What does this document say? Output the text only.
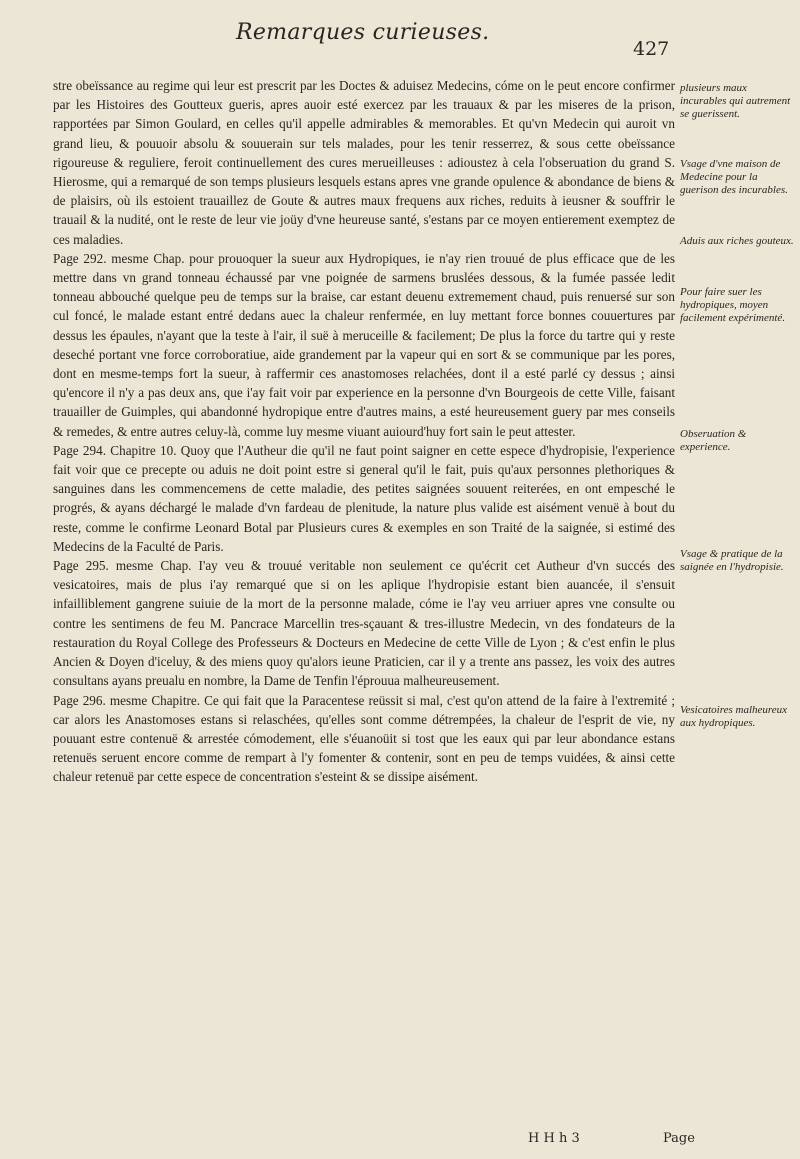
Remarques curieuses.
427

stre obeïssance au regime qui leur est prescrit par les Doctes & aduisez Medecins, cóme on le peut encore confirmer par les Histoires des Goutteux gueris, apres auoir esté exercez par les trauaux & par les miseres de la prison, rapportées par Simon Goulard, en celles qu'il appelle admirables & memorables. Et qu'vn Medecin qui auroit vn grand lieu, & pouuoir absolu & souuerain sur tels malades, pour les tenir resserrez, & sous cette obeïssance rigoureuse & reguliere, feroit continuellement des cures merueilleuses : adioustez à cela l'obseruation du grand S. Hierosme, qui a remarqué de son temps plusieurs lesquels estans apres vne grande opulence & abondance de biens & de plaisirs, où ils estoient trauaillez de Goute & autres maux frequens aux riches, reduits à ieusner & souffrir le trauail & la nudité, ont le reste de leur vie joüy d'vne heureuse santé, s'estans par ce moyen entierement exemptez de ces maladies.

Page 292. mesme Chap. pour prouoquer la sueur aux Hydropiques, ie n'ay rien trouué de plus efficace que de les mettre dans vn grand tonneau échaussé par vne poignée de sarmens bruslées dessous, & la fumée passée ledit tonneau abbouché quelque peu de temps sur la braise, car estant deuenu extremement chaud, puis renuersé sur son cul foncé, le malade estant entré dedans auec la chaleur renfermée, en luy mettant force bonnes couuertures par dessus les épaules, n'ayant que la teste à l'air, il suë à meruceille & facilement; De plus la force du tartre qui y reste deseché portant vne force corroboratiue, aide grandement par la vapeur qui en sort & se communique par les pores, dont en mesme-temps fort la sueur, à raffermir ces anastomoses relachées, dont il a esté parlé cy dessus ; ainsi qu'encore il n'y a pas deux ans, que i'ay fait voir par experience en la personne d'vn Bourgeois de cette Ville, faisant trauailler de Guimples, qui abandonné hydropique entre d'autres mains, a esté heureusement guery par mes conseils & remedes, & entre autres celuy-là, comme luy mesme viuant auiourd'huy fort sain le peut attester.

Page 294. Chapitre 10. Quoy que l'Autheur die qu'il ne faut point saigner en cette espece d'hydropisie, l'experience fait voir que ce precepte ou aduis ne doit point estre si general qu'il le fait, puis qu'aux personnes plethoriques & sanguines dans les commencemens de cette maladie, des petites saignées souuent reiterées, en ont empesché le progrés, & ayans déchargé le malade d'vn fardeau de plenitude, la nature plus valide est aisément venuë à bout du reste, comme le confirme Leonard Botal par Plusieurs cures & exemples en son Traité de la saignée, si estimé des Medecins de la Faculté de Paris.

Page 295. mesme Chap. I'ay veu & trouué veritable non seulement ce qu'écrit cet Autheur d'vn succés des vesicatoires, mais de plus i'ay remarqué que si on les aplique l'hydropisie estant bien auancée, il s'ensuit infailliblement gangrene suiuie de la mort de la personne malade, cóme ie l'ay veu arriuer apres vne consulte ou contre les sentimens de feu M. Pancrace Marcellin tres-sçauant & tres-illustre Medecin, vn des fondateurs de la restauration du Royal College des Professeurs & Docteurs en Medecine de cette Ville de Lyon ; & c'est enfin le plus Ancien & Doyen d'iceluy, & des miens quoy qu'alors ieune Praticien, car il y a trente ans passez, les voix des autres consultans ayans preualu en nombre, la Dame de Tenfin l'éprouua malheureusement.

Page 296. mesme Chapitre. Ce qui fait que la Paracentese reüssit si mal, c'est qu'on attend de la faire à l'extremité ; car alors les Anastomoses estans si relaschées, qu'elles sont comme détrempées, la chaleur de l'esprit de vie, ny pouuant estre contenuë & arrestée cómodement, elle s'éuanoüit si tost que les eaux qui par leur abondance estans retenuës seruent encore comme de rempart à l'y fomenter & contenir, sont en peu de temps vuidées, & ainsi cette chaleur retenuë par cette espece de concentration s'esteint & se dissipe aisément.

plusieurs maux incurables qui autrement se guerissent.
Vsage d'vne maison de Medecine pour la guerison des incurables.
Aduis aux riches gouteux.
Pour faire suer les hydropiques, moyen facilement expérimenté.
Obseruation & experience.
Vsage & pratique de la saignée en l'hydropisie.
Vesicatoires malheureux aux hydropiques.
H H h 3	Page
